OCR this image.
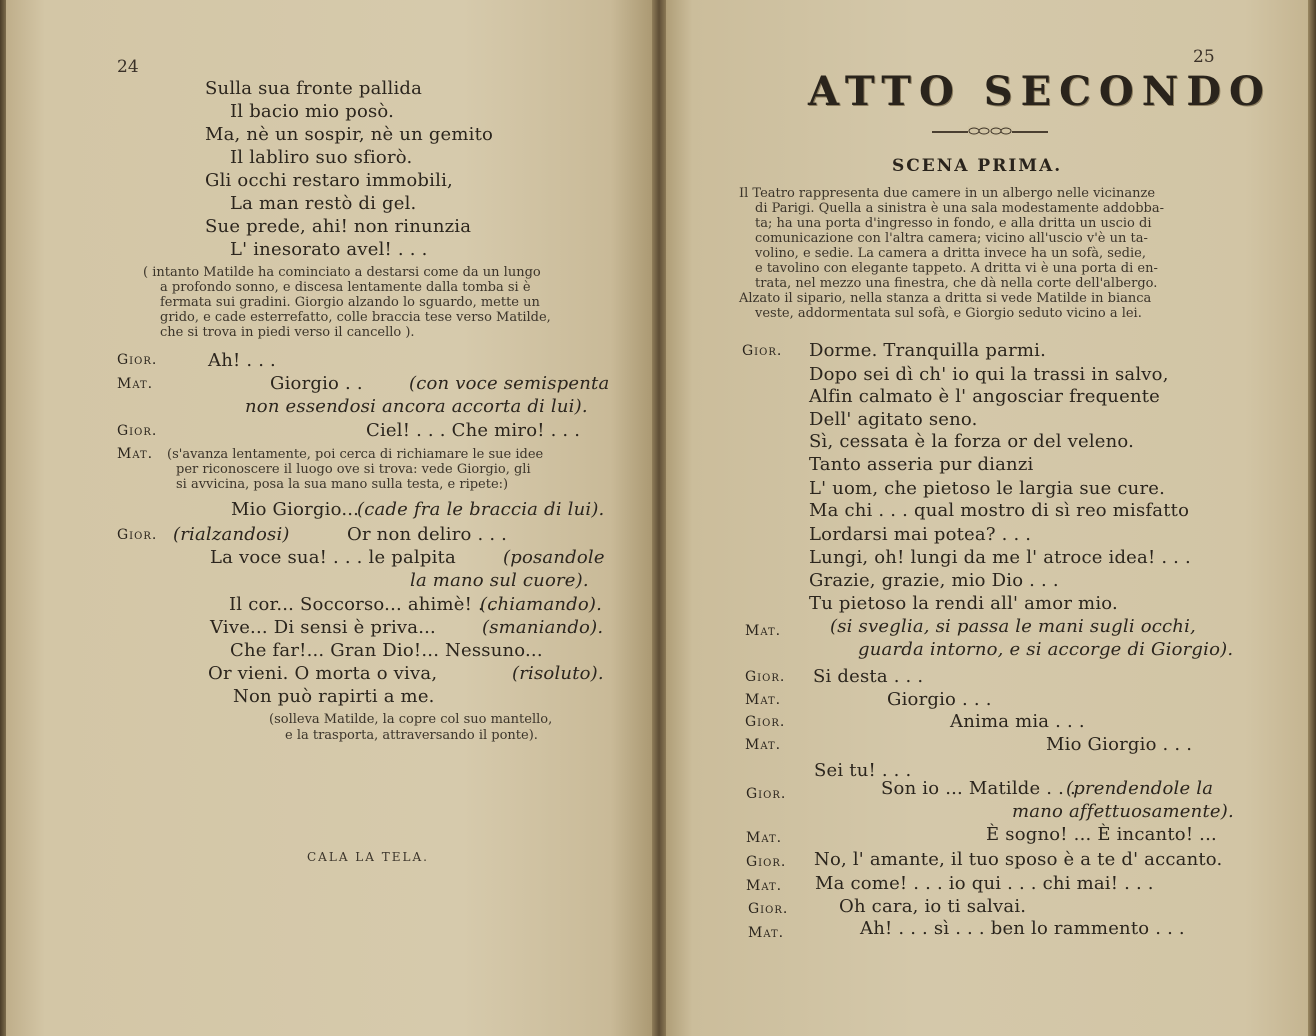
24
Sulla sua fronte pallida
Il bacio mio posò.
Ma, nè un sospir, nè un gemito
Il labliro suo sfiorò.
Gli occhi restaro immobili,
La man restò di gel.
Sue prede, ahi! non rinunzia
L' inesorato avel! . . .
( intanto Matilde ha cominciato a destarsi come da un lungo
a profondo sonno, e discesa lentamente dalla tomba si è
fermata sui gradini. Giorgio alzando lo sguardo, mette un
grido, e cade esterrefatto, colle braccia tese verso Matilde,
che si trova in piedi verso il cancello ).
Gior.	Ah! . . .
Mat.	Giorgio . .	(con voce semispenta
non essendosi ancora accorta di lui).
Gior.	Ciel! . . . Che miro! . . .
Mat. (s'avanza lentamente, poi cerca di richiamare le sue idee
per riconoscere il luogo ove si trova: vede Giorgio, gli
si avvicina, posa la sua mano sulla testa, e ripete:)
Mio Giorgio...
(cade fra le braccia di lui).
Gior. (rialzandosi)	Or non deliro . . .
La voce sua! . . . le palpita	(posandole
la mano sul cuore).
Il cor... Soccorso... ahimè! . .
(chiamando).
Vive... Di sensi è priva...	(smaniando).
Che far!... Gran Dio!... Nessuno...
Or vieni. O morta o viva,	(risoluto).
Non può rapirti a me.
(solleva Matilde, la copre col suo mantello,
e la trasporta, attraversando il ponte).
CALA LA TELA.
25
ATTO SECONDO
SCENA PRIMA.
Il Teatro rappresenta due camere in un albergo nelle vicinanze
di Parigi. Quella a sinistra è una sala modestamente addobba-
ta; ha una porta d'ingresso in fondo, e alla dritta un uscio di
comunicazione con l'altra camera; vicino all'uscio v'è un ta-
volino, e sedie. La camera a dritta invece ha un sofà, sedie,
e tavolino con elegante tappeto. A dritta vi è una porta di en-
trata, nel mezzo una finestra, che dà nella corte dell'albergo.
Alzato il sipario, nella stanza a dritta si vede Matilde in bianca
veste, addormentata sul sofà, e Giorgio seduto vicino a lei.
Gior. Dorme. Tranquilla parmi.
Dopo sei dì ch' io qui la trassi in salvo,
Alfin calmato è l' angosciar frequente
Dell' agitato seno.
Sì, cessata è la forza or del veleno.
Tanto asseria pur dianzi
L' uom, che pietoso le largia sue cure.
Ma chi . . . qual mostro di sì reo misfatto
Lordarsi mai potea? . . .
Lungi, oh! lungi da me l' atroce idea! . . .
Grazie, grazie, mio Dio . . .
Tu pietoso la rendi all' amor mio.
Mat.	(si sveglia, si passa le mani sugli occhi,
guarda intorno, e si accorge di Giorgio).
Gior. Si desta . . .
Mat.	Giorgio . . .
Gior.	Anima mia . . .
Mat.	Mio Giorgio . . .
Sei tu! . . .
Gior.	Son io ... Matilde . . .
(prendendole la
mano affettuosamente).
Mat.	È sogno! ... È incanto! ...
Gior. No, l' amante, il tuo sposo è a te d' accanto.
Mat. Ma come! . . . io qui . . . chi mai! . . .
Gior.	Oh cara, io ti salvai.
Mat.	Ah! . . . sì . . . ben lo rammento . . .
